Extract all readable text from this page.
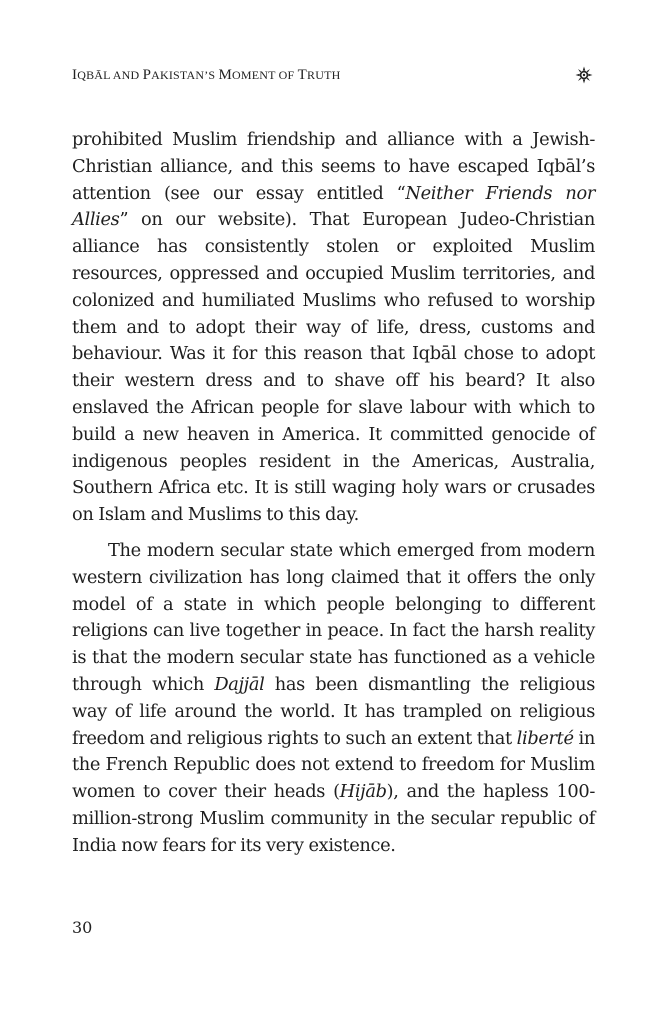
IQBĀL AND PAKISTAN’S MOMENT OF TRUTH

prohibited Muslim friendship and alliance with a Jewish-Christian alliance, and this seems to have escaped Iqbāl’s attention (see our essay entitled “Neither Friends nor Allies” on our website). That European Judeo-Christian alliance has consistently stolen or exploited Muslim resources, oppressed and occupied Muslim territories, and colonized and humiliated Muslims who refused to worship them and to adopt their way of life, dress, customs and behaviour. Was it for this reason that Iqbāl chose to adopt their western dress and to shave off his beard? It also enslaved the African people for slave labour with which to build a new heaven in America. It committed genocide of indigenous peoples resident in the Americas, Australia, Southern Africa etc. It is still waging holy wars or crusades on Islam and Muslims to this day.

The modern secular state which emerged from modern western civilization has long claimed that it offers the only model of a state in which people belonging to different religions can live together in peace. In fact the harsh reality is that the modern secular state has functioned as a vehicle through which Dajjāl has been dismantling the religious way of life around the world. It has trampled on religious freedom and religious rights to such an extent that liberté in the French Republic does not extend to freedom for Muslim women to cover their heads (Hijāb), and the hapless 100-million-strong Muslim community in the secular republic of India now fears for its very existence.

30
